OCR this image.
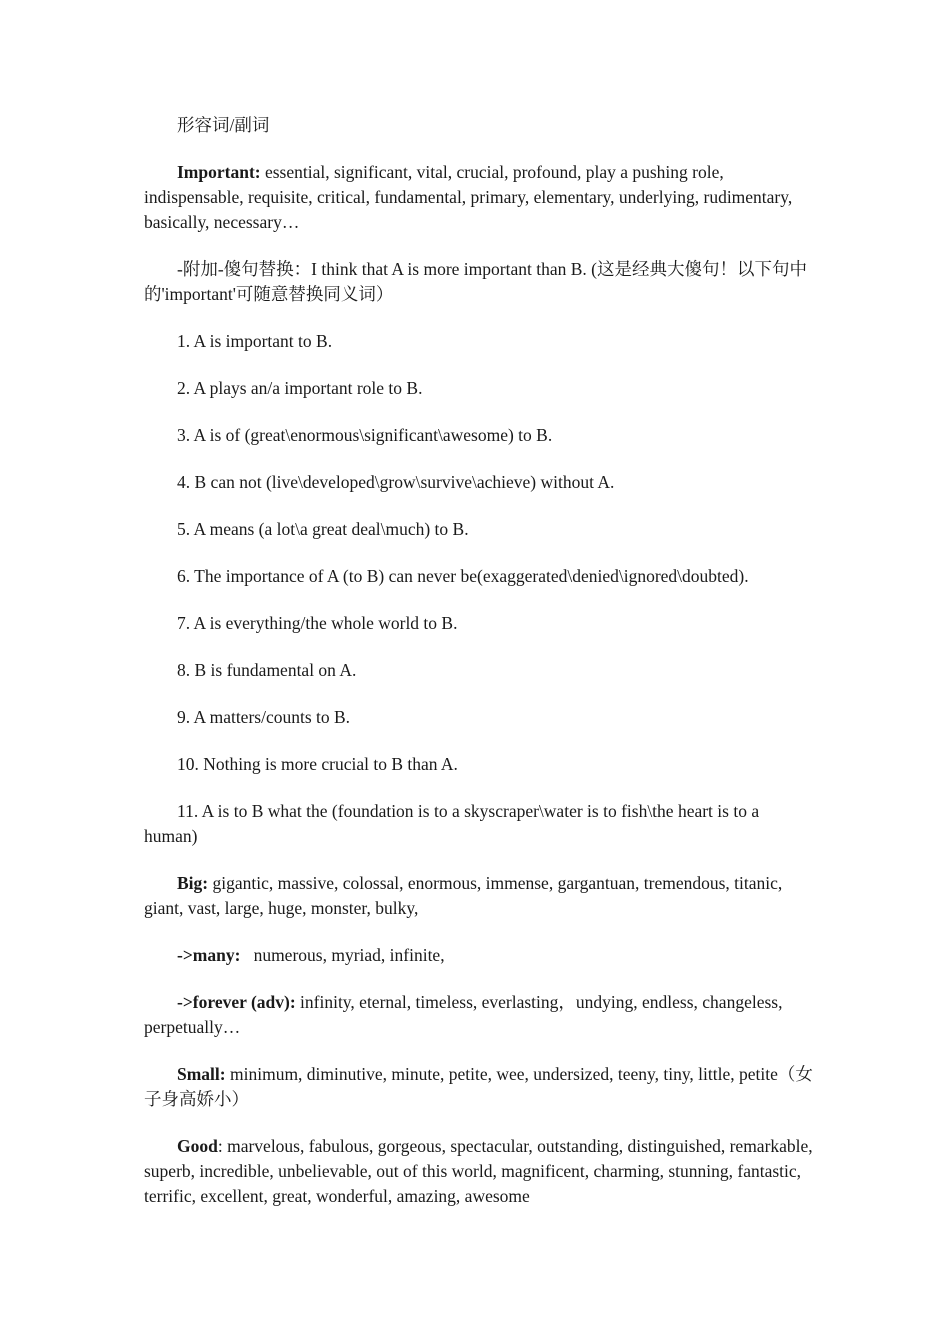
形容词/副词

Important: essential, significant, vital, crucial, profound, play a pushing role, indispensable, requisite, critical, fundamental, primary, elementary, underlying, rudimentary, basically, necessary…

-附加-傻句替换：I think that A is more important than B. (这是经典大傻句！以下句中的'important'可随意替换同义词）

1. A is important to B.

2. A plays an/a important role to B.

3. A is of (great\enormous\significant\awesome) to B.

4. B can not (live\developed\grow\survive\achieve) without A.

5. A means (a lot\a great deal\much) to B.

6. The importance of A (to B) can never be(exaggerated\denied\ignored\doubted).

7. A is everything/the whole world to B.

8. B is fundamental on A.

9. A matters/counts to B.

10. Nothing is more crucial to B than A.

11. A is to B what the (foundation is to a skyscraper\water is to fish\the heart is to a human)

Big: gigantic, massive, colossal, enormous, immense, gargantuan, tremendous, titanic, giant, vast, large, huge, monster, bulky,

->many:   numerous, myriad, infinite,

->forever (adv): infinity, eternal, timeless, everlasting，undying, endless, changeless, perpetually…

Small: minimum, diminutive, minute, petite, wee, undersized, teeny, tiny, little, petite（女子身高娇小）

Good: marvelous, fabulous, gorgeous, spectacular, outstanding, distinguished, remarkable, superb, incredible, unbelievable, out of this world, magnificent, charming, stunning, fantastic, terrific, excellent, great, wonderful, amazing, awesome
